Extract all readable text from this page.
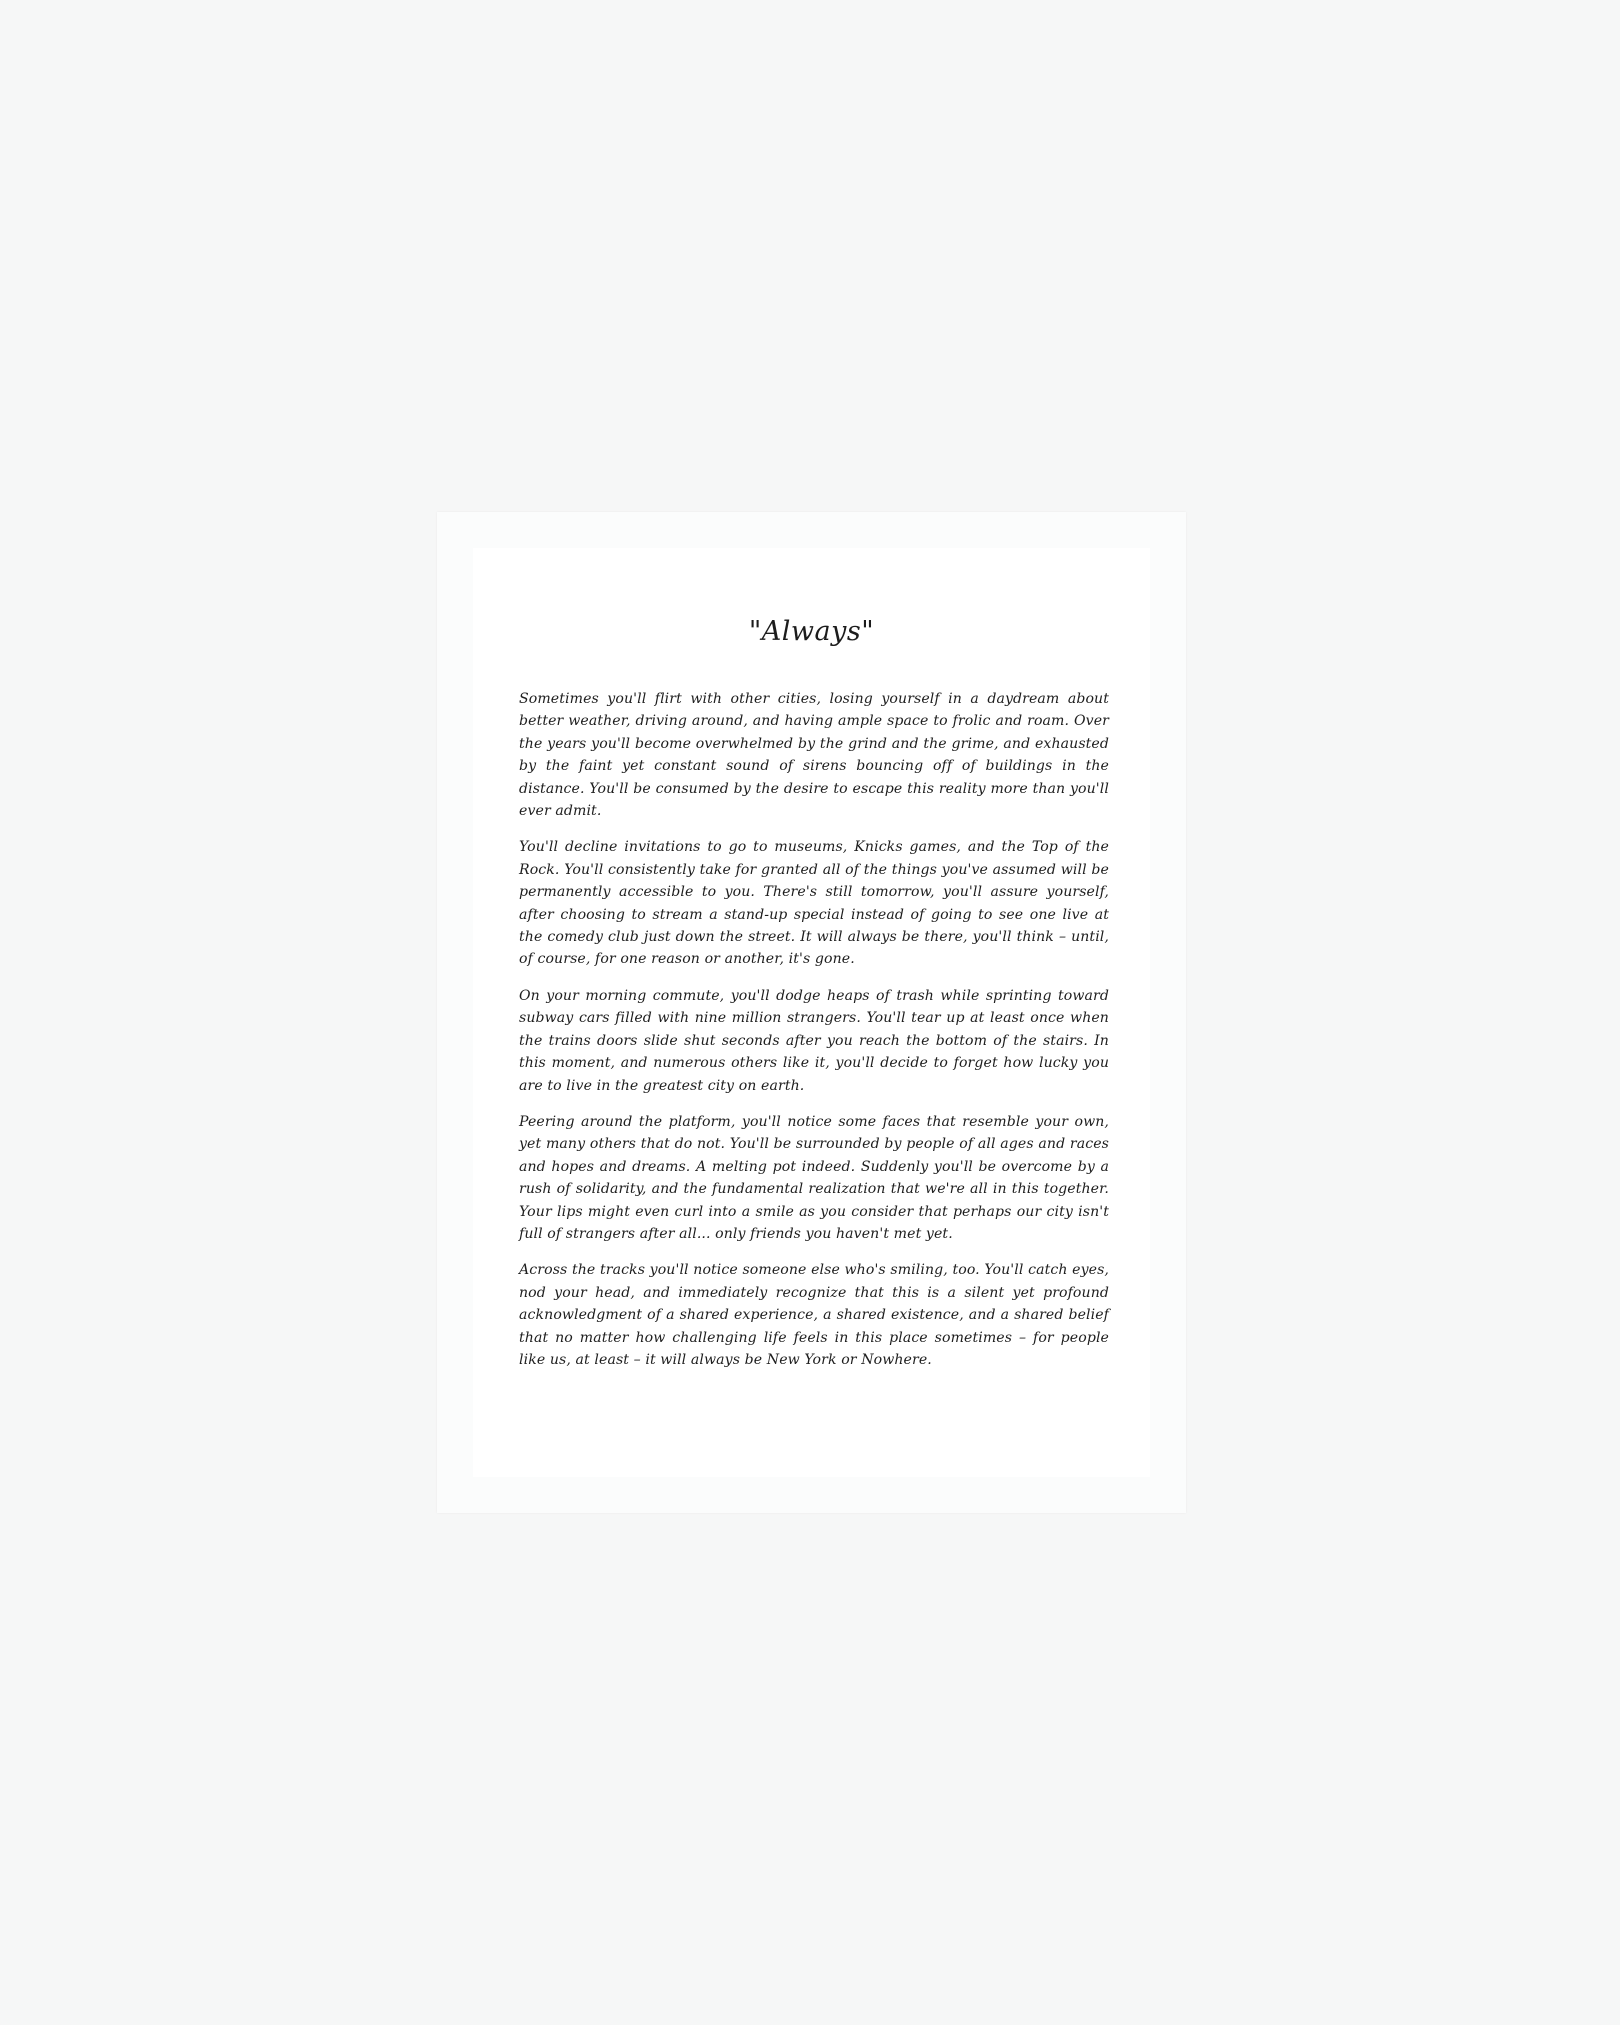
"Always"

Sometimes you'll flirt with other cities, losing yourself in a daydream about better weather, driving around, and having ample space to frolic and roam. Over the years you'll become overwhelmed by the grind and the grime, and exhausted by the faint yet constant sound of sirens bouncing off of buildings in the distance. You'll be consumed by the desire to escape this reality more than you'll ever admit.

You'll decline invitations to go to museums, Knicks games, and the Top of the Rock. You'll consistently take for granted all of the things you've assumed will be permanently accessible to you. There's still tomorrow, you'll assure yourself, after choosing to stream a stand-up special instead of going to see one live at the comedy club just down the street. It will always be there, you'll think – until, of course, for one reason or another, it's gone.

On your morning commute, you'll dodge heaps of trash while sprinting toward subway cars filled with nine million strangers. You'll tear up at least once when the trains doors slide shut seconds after you reach the bottom of the stairs. In this moment, and numerous others like it, you'll decide to forget how lucky you are to live in the greatest city on earth.

Peering around the platform, you'll notice some faces that resemble your own, yet many others that do not. You'll be surrounded by people of all ages and races and hopes and dreams. A melting pot indeed. Suddenly you'll be overcome by a rush of solidarity, and the fundamental realization that we're all in this together. Your lips might even curl into a smile as you consider that perhaps our city isn't full of strangers after all... only friends you haven't met yet.

Across the tracks you'll notice someone else who's smiling, too. You'll catch eyes, nod your head, and immediately recognize that this is a silent yet profound acknowledgment of a shared experience, a shared existence, and a shared belief that no matter how challenging life feels in this place sometimes – for people like us, at least – it will always be New York or Nowhere.
